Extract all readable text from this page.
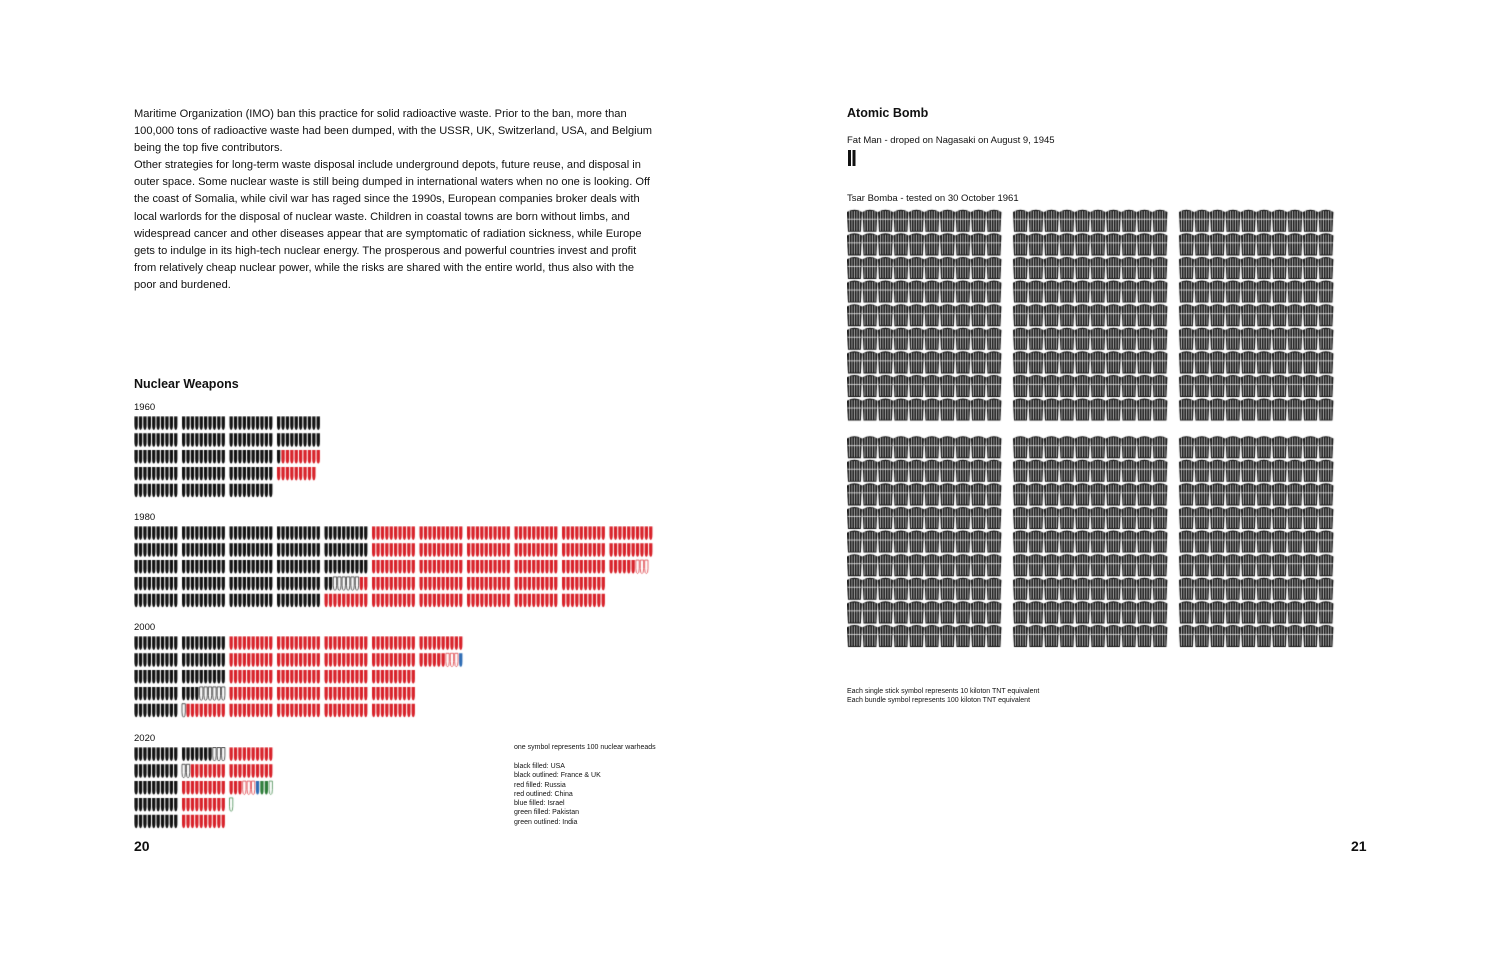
Maritime Organization (IMO) ban this practice for solid radioactive waste. Prior to the ban, more than 100,000 tons of radioactive waste had been dumped, with the USSR, UK, Switzerland, USA, and Belgium being the top five contributors.

Other strategies for long-term waste disposal include underground depots, future reuse, and disposal in outer space. Some nuclear waste is still being dumped in international waters when no one is looking. Off the coast of Somalia, while civil war has raged since the 1990s, European companies broker deals with local warlords for the disposal of nuclear waste. Children in coastal towns are born without limbs, and widespread cancer and other diseases appear that are symptomatic of radiation sickness, while Europe gets to indulge in its high-tech nuclear energy. The prosperous and powerful countries invest and profit from relatively cheap nuclear power, while the risks are shared with the entire world, thus also with the poor and burdened.

Nuclear Weapons
1960
1980
2000
2020
one symbol represents 100 nuclear warheads
black filled: USA
black outlined: France & UK
red filled: Russia
red outlined: China
blue filled: Israel
green filled: Pakistan
green outlined: India
20
Atomic Bomb
Fat Man - droped on Nagasaki on August 9, 1945
Tsar Bomba - tested on 30 October 1961
Each single stick symbol represents 10 kiloton TNT equivalent
Each bundle symbol represents 100 kiloton TNT equivalent
21
